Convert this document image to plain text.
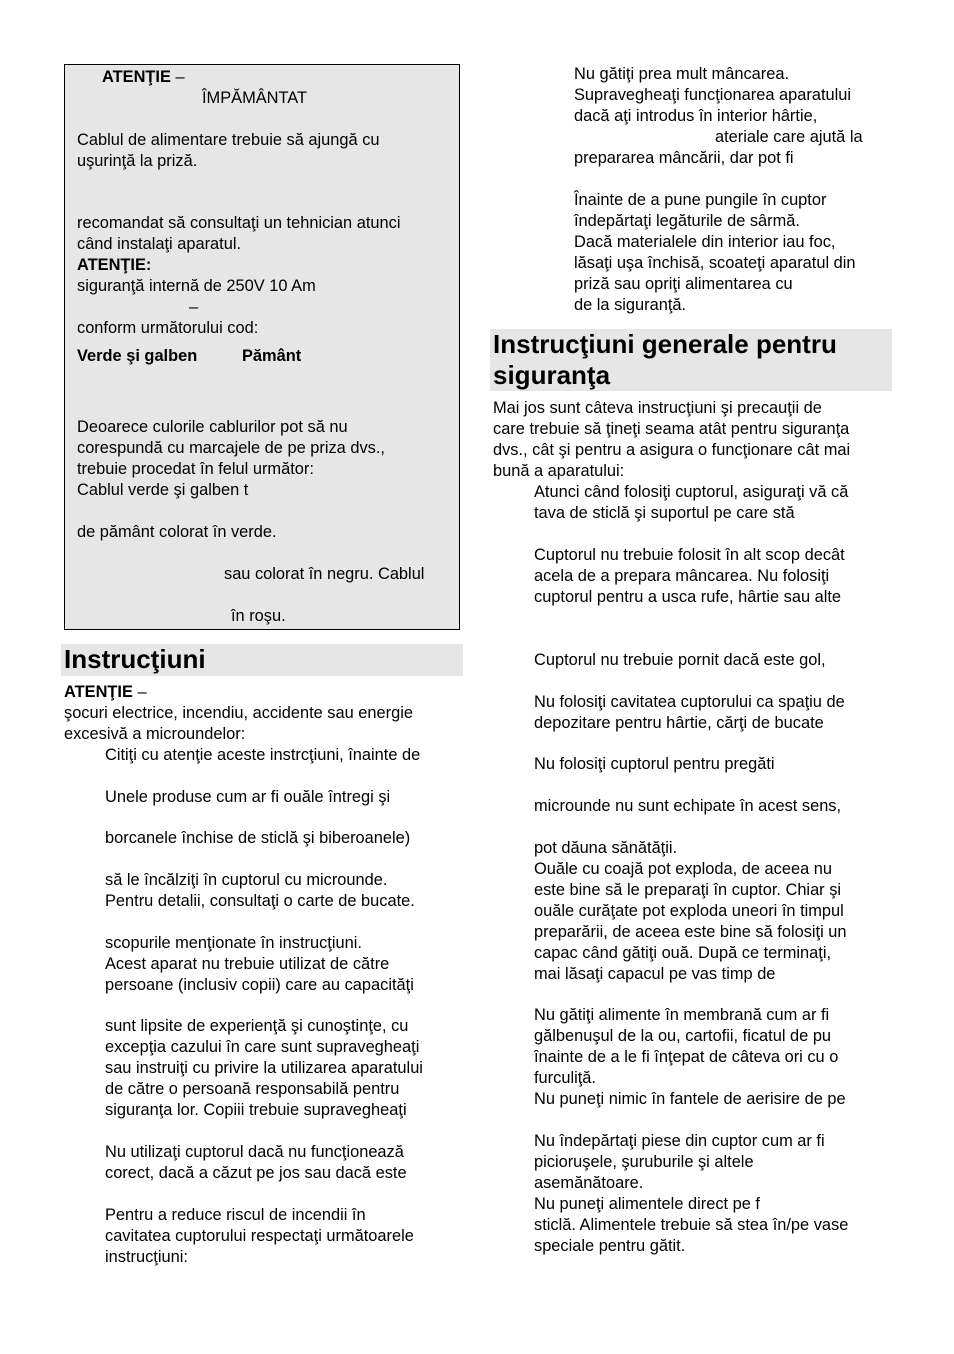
ATENŢIE –
ÎMPĂMÂNTAT
Cablul de alimentare trebuie să ajungă cu
uşurinţă la priză.
recomandat să consultaţi un tehnician atunci
când instalaţi aparatul.
ATENŢIE:
siguranţă internă de 250V 10 Am
–
conform următorului cod:
Verde şi galben	Pământ
Deoarece culorile cablurilor pot să nu
corespundă cu marcajele de pe priza dvs.,
trebuie procedat în felul următor:
Cablul verde şi galben t
de pământ colorat în verde.
sau colorat în negru. Cablul
în roşu.
Instrucţiuni
ATENŢIE –
şocuri electrice, incendiu, accidente sau energie
excesivă a microundelor:
Citiţi cu atenţie aceste instrcţiuni, înainte de
Unele produse cum ar fi ouăle întregi şi
borcanele închise de sticlă şi biberoanele)
să le încălziţi în cuptorul cu microunde.
Pentru detalii, consultaţi o carte de bucate.
scopurile menţionate în instrucţiuni.
Acest aparat nu trebuie utilizat de către
persoane (inclusiv copii) care au capacităţi
sunt lipsite de experienţă şi cunoştinţe, cu
excepţia cazului în care sunt supravegheaţi
sau instruiţi cu privire la utilizarea aparatului
de către o persoană responsabilă pentru
siguranţa lor. Copiii trebuie supravegheaţi
Nu utilizaţi cuptorul dacă nu funcţionează
corect, dacă a căzut pe jos sau dacă este
Pentru a reduce riscul de incendii în
cavitatea cuptorului respectaţi următoarele
instrucţiuni:
Nu gătiţi prea mult mâncarea.
Supravegheaţi funcţionarea aparatului
dacă aţi introdus în interior hârtie,
ateriale care ajută la
prepararea mâncării, dar pot fi
Înainte de a pune pungile în cuptor
îndepărtaţi legăturile de sârmă.
Dacă materialele din interior iau foc,
lăsaţi uşa închisă, scoateţi aparatul din
priză sau opriţi alimentarea cu
de la siguranţă.
Instrucţiuni generale pentru siguranţa
Mai jos sunt câteva instrucţiuni şi precauţii de
care trebuie să ţineţi seama atât pentru siguranţa
dvs., cât şi pentru a asigura o funcţionare cât mai
bună a aparatului:
Atunci când folosiţi cuptorul, asiguraţi vă că
tava de sticlă şi suportul pe care stă
Cuptorul nu trebuie folosit în alt scop decât
acela de a prepara mâncarea. Nu folosiţi
cuptorul pentru a usca rufe, hârtie sau alte
Cuptorul nu trebuie pornit dacă este gol,
Nu folosiţi cavitatea cuptorului ca spaţiu de
depozitare pentru hârtie, cărţi de bucate
Nu folosiţi cuptorul pentru pregăti
microunde nu sunt echipate în acest sens,
pot dăuna sănătăţii.
Ouăle cu coajă pot exploda, de aceea nu
este bine să le preparaţi în cuptor. Chiar şi
ouăle curăţate pot exploda uneori în timpul
preparării, de aceea este bine să folosiţi un
capac când gătiţi ouă. După ce terminaţi,
mai lăsaţi capacul pe vas timp de
Nu gătiţi alimente în membrană cum ar fi
gălbenuşul de la ou, cartofii, ficatul de pu
înainte de a le fi înţepat de câteva ori cu o
furculiţă.
Nu puneţi nimic în fantele de aerisire de pe
Nu îndepărtaţi piese din cuptor cum ar fi
picioruşele, şuruburile şi altele
asemănătoare.
Nu puneţi alimentele direct pe f
sticlă. Alimentele trebuie să stea în/pe vase
speciale pentru gătit.
